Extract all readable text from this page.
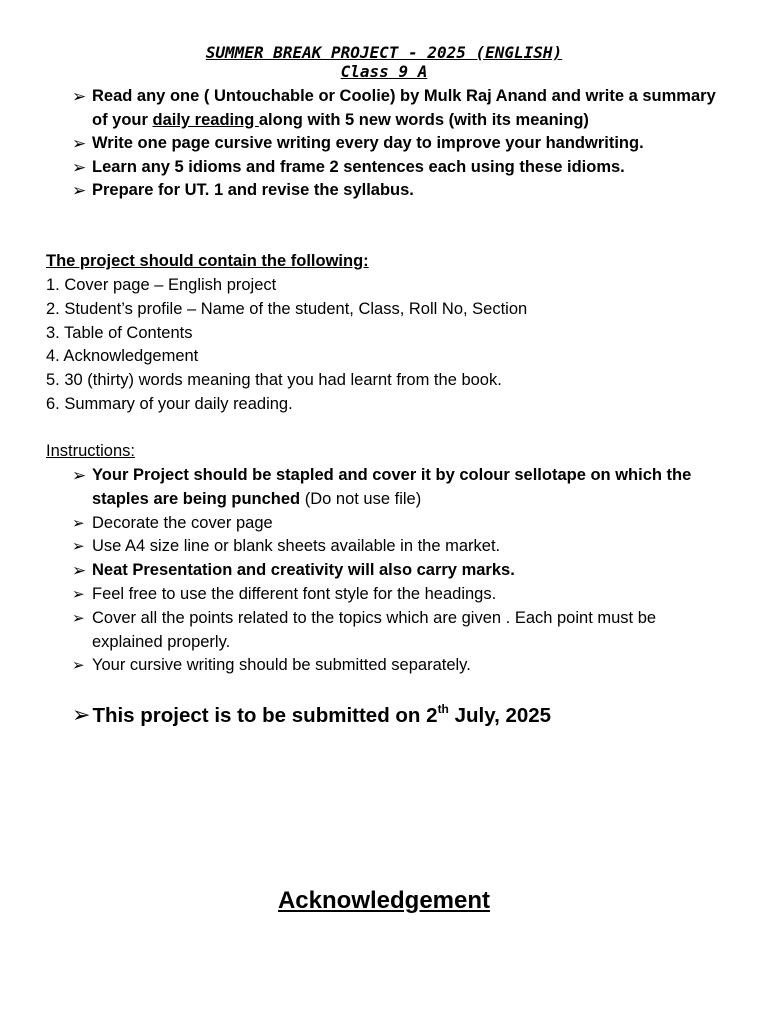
SUMMER BREAK PROJECT - 2025 (ENGLISH)
Class 9 A
➢ Read any one ( Untouchable or Coolie) by Mulk Raj Anand and write a summary of your daily reading along with 5 new words (with its meaning)
➢ Write one page cursive writing every day to improve your handwriting.
➢ Learn any 5 idioms and frame 2 sentences each using these idioms.
➢ Prepare for UT. 1 and revise the syllabus.
The project should contain the following:
1. Cover page – English project
2. Student’s profile – Name of the student, Class, Roll No, Section
3. Table of Contents
4. Acknowledgement
5. 30 (thirty) words meaning that you had learnt from the book.
6. Summary of your daily reading.
Instructions:
➢ Your Project should be stapled and cover it by colour sellotape on which the staples are being punched (Do not use file)
➢ Decorate the cover page
➢ Use A4 size line or blank sheets available in the market.
➢ Neat Presentation and creativity will also carry marks.
➢ Feel free to use the different font style for the headings.
➢ Cover all the points related to the topics which are given . Each point must be explained properly.
➢ Your cursive writing should be submitted separately.
➢This project is to be submitted on 2th July, 2025
Acknowledgement
